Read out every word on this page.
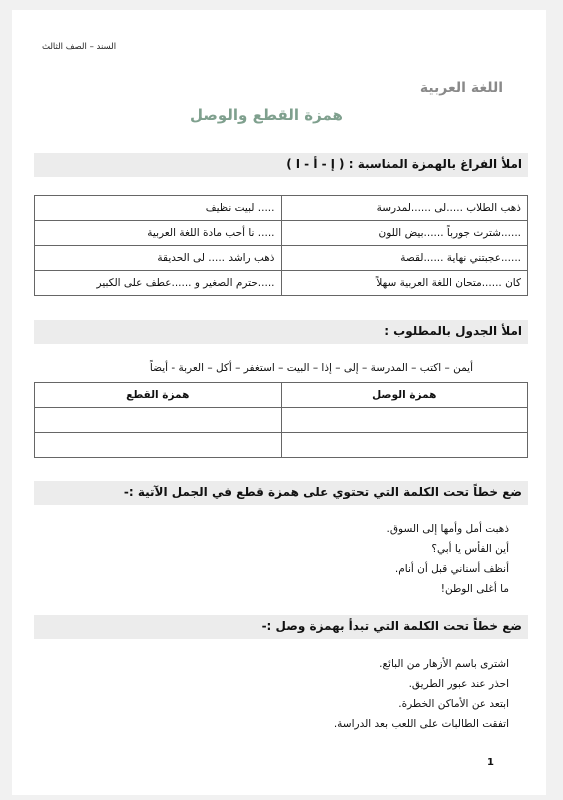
السند – الصف الثالث
اللغة العربية
همزة القطع والوصل
املأ الفراغ بالهمزة المناسبة : ( إ - أ - ا )
..... لبيت نظيف	ذهب الطلاب .....لى ......لمدرسة
..... نا أحب مادة اللغة العربية	......شترت جورباً ......بيض اللون
ذهب راشد ..... لى الحديقة	......عجبتني نهاية ......لقصة
.....حترم الصغير و ......عطف على الكبير	كان ......متحان اللغة العربية سهلاً
املأ الجدول بالمطلوب :
أيمن – اكتب – المدرسة – إلى – إذا – البيت – استغفر – أكل – العربة - أيضاً
همزة القطع	همزة الوصل

ضع خطاً تحت الكلمة التي تحتوي على همزة قطع في الجمل الآتية :-
ذهبت أمل وأمها إلى السوق.
أين الفأس يا أبي؟
أنظف أسناني قبل أن أنام.
ما أغلى الوطن!
ضع خطاً تحت الكلمة التي تبدأ بهمزة وصل :-
اشترى باسم الأزهار من البائع.
احذر عند عبور الطريق.
ابتعد عن الأماكن الخطرة.
اتفقت الطالبات على اللعب بعد الدراسة.
1
